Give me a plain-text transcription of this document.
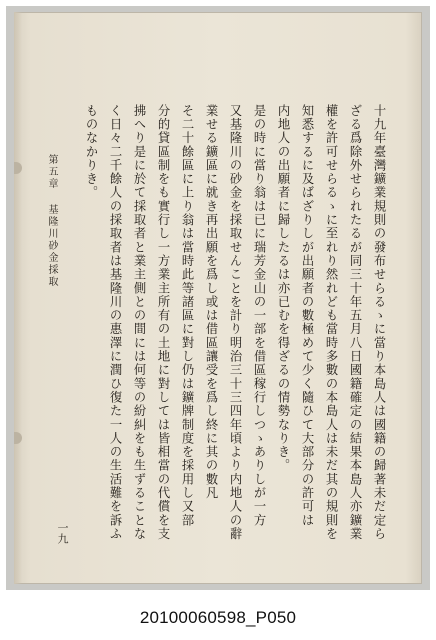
十九年臺灣鑛業規則の發布せらるゝに當り本島人は國籍の歸著未だ定ら

ざる爲除外せられたるが同三十年五月八日國籍確定の結果本島人亦鑛業

權を許可せらるゝに至れり然れども當時多數の本島人は未だ其の規則を

知悉するに及ばざりしが出願者の數極めて少く隨ひて大部分の許可は

内地人の出願者に歸したるは亦已むを得ざるの情勢なりき。

是の時に當り翁は已に瑞芳金山の一部を借區稼行しつゝありしが一方

又基隆川の砂金を採取せんことを計り明治三十三四年頃より内地人の辭

業せる鑛區に就き再出願を爲し或は借區讓受を爲し終に其の數凡

そ二十餘區に上り翁は當時此等諸區に對し仍は鑛牌制度を採用し又部

分的貸區制をも實行し一方業主所有の土地に對しては皆相當の代償を支

拂へり是に於て採取者と業主側との間には何等の紛糾をも生ずることな

く日々二千餘人の採取者は基隆川の惠澤に潤ひ復た一人の生活難を訴ふ

ものなかりき。

第五章

基隆川砂金採取

一九
20100060598_P050
